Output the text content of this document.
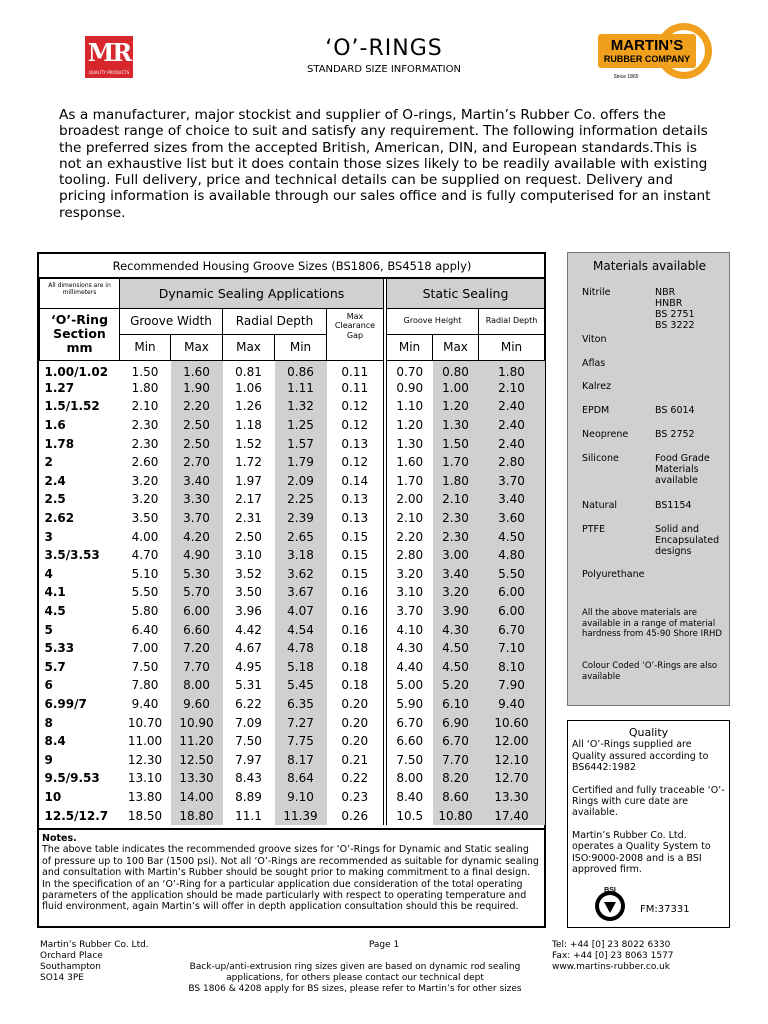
MR
QUALITY PRODUCTS
‘O’-RINGS
STANDARD SIZE INFORMATION
MARTIN’S
RUBBER COMPANY
Since 1865
As a manufacturer, major stockist and supplier of O-rings, Martin’s Rubber Co. offers the broadest range of choice to suit and satisfy any requirement. The following information details the preferred sizes from the accepted British, American, DIN, and European standards.This is not an exhaustive list but it does contain those sizes likely to be readily available with existing tooling. Full delivery, price and technical details can be supplied on request. Delivery and pricing information is available through our sales office and is fully computerised for an instant response.
Recommended Housing Groove Sizes (BS1806, BS4518 apply)									
All dimensions are in millimeters	Dynamic Sealing Applications						Static Sealing		
‘O’-Ring Section mm	Groove Width		Radial Depth		Max Clearance Gap		Groove Height		Radial Depth
	Min	Max	Max	Min			Min	Max	Min
1.00/1.02	1.50	1.60	0.81	0.86	0.11		0.70	0.80	1.80
1.27	1.80	1.90	1.06	1.11	0.11		0.90	1.00	2.10
1.5/1.52	2.10	2.20	1.26	1.32	0.12		1.10	1.20	2.40
1.6	2.30	2.50	1.18	1.25	0.12		1.20	1.30	2.40
1.78	2.30	2.50	1.52	1.57	0.13		1.30	1.50	2.40
2	2.60	2.70	1.72	1.79	0.12		1.60	1.70	2.80
2.4	3.20	3.40	1.97	2.09	0.14		1.70	1.80	3.70
2.5	3.20	3.30	2.17	2.25	0.13		2.00	2.10	3.40
2.62	3.50	3.70	2.31	2.39	0.13		2.10	2.30	3.60
3	4.00	4.20	2.50	2.65	0.15		2.20	2.30	4.50
3.5/3.53	4.70	4.90	3.10	3.18	0.15		2.80	3.00	4.80
4	5.10	5.30	3.52	3.62	0.15		3.20	3.40	5.50
4.1	5.50	5.70	3.50	3.67	0.16		3.10	3.20	6.00
4.5	5.80	6.00	3.96	4.07	0.16		3.70	3.90	6.00
5	6.40	6.60	4.42	4.54	0.16		4.10	4.30	6.70
5.33	7.00	7.20	4.67	4.78	0.18		4.30	4.50	7.10
5.7	7.50	7.70	4.95	5.18	0.18		4.40	4.50	8.10
6	7.80	8.00	5.31	5.45	0.18		5.00	5.20	7.90
6.99/7	9.40	9.60	6.22	6.35	0.20		5.90	6.10	9.40
8	10.70	10.90	7.09	7.27	0.20		6.70	6.90	10.60
8.4	11.00	11.20	7.50	7.75	0.20		6.60	6.70	12.00
9	12.30	12.50	7.97	8.17	0.21		7.50	7.70	12.10
9.5/9.53	13.10	13.30	8.43	8.64	0.22		8.00	8.20	12.70
10	13.80	14.00	8.89	9.10	0.23		8.40	8.60	13.30
12.5/12.7	18.50	18.80	11.1	11.39	0.26		10.5	10.80	17.40
Notes.
The above table indicates the recommended groove sizes for ‘O’-Rings for Dynamic and Static sealing of pressure up to 100 Bar (1500 psi). Not all ‘O’-Rings are recommended as suitable for dynamic sealing and consultation with Martin’s Rubber should be sought prior to making commitment to a final design. In the specification of an ‘O’-Ring for a particular application due consideration of the total operating parameters of the application should be made particularly with respect to operating temperature and fluid environment, again Martin’s will offer in depth application consultation should this be required.
Materials available
Nitrile	NBR
HNBR
BS 2751
BS 3222
Viton
Aflas
Kalrez
EPDM	BS 6014
Neoprene	BS 2752
Silicone	Food Grade
Materials
available
Natural	BS1154
PTFE	Solid and
Encapsulated
designs
Polyurethane
All the above materials are available in a range of material hardness from 45-90 Shore IRHD
Colour Coded ‘O’-Rings are also available
Quality
All ‘O’-Rings supplied are Quality assured according to BS6442:1982
Certified and fully traceable ‘O’-Rings with cure date are available.
Martin’s Rubber Co. Ltd. operates a Quality System to ISO:9000-2008 and is a BSI approved firm.
BSI
FM:37331
Martin’s Rubber Co. Ltd.
Orchard Place
Southampton
SO14 3PE
Page 1
Back-up/anti-extrusion ring sizes given are based on dynamic rod sealing
applications, for others please contact our technical dept
BS 1806 & 4208 apply for BS sizes, please refer to Martin’s for other sizes
Tel: +44 [0] 23 8022 6330
Fax: +44 [0] 23 8063 1577
www.martins-rubber.co.uk
